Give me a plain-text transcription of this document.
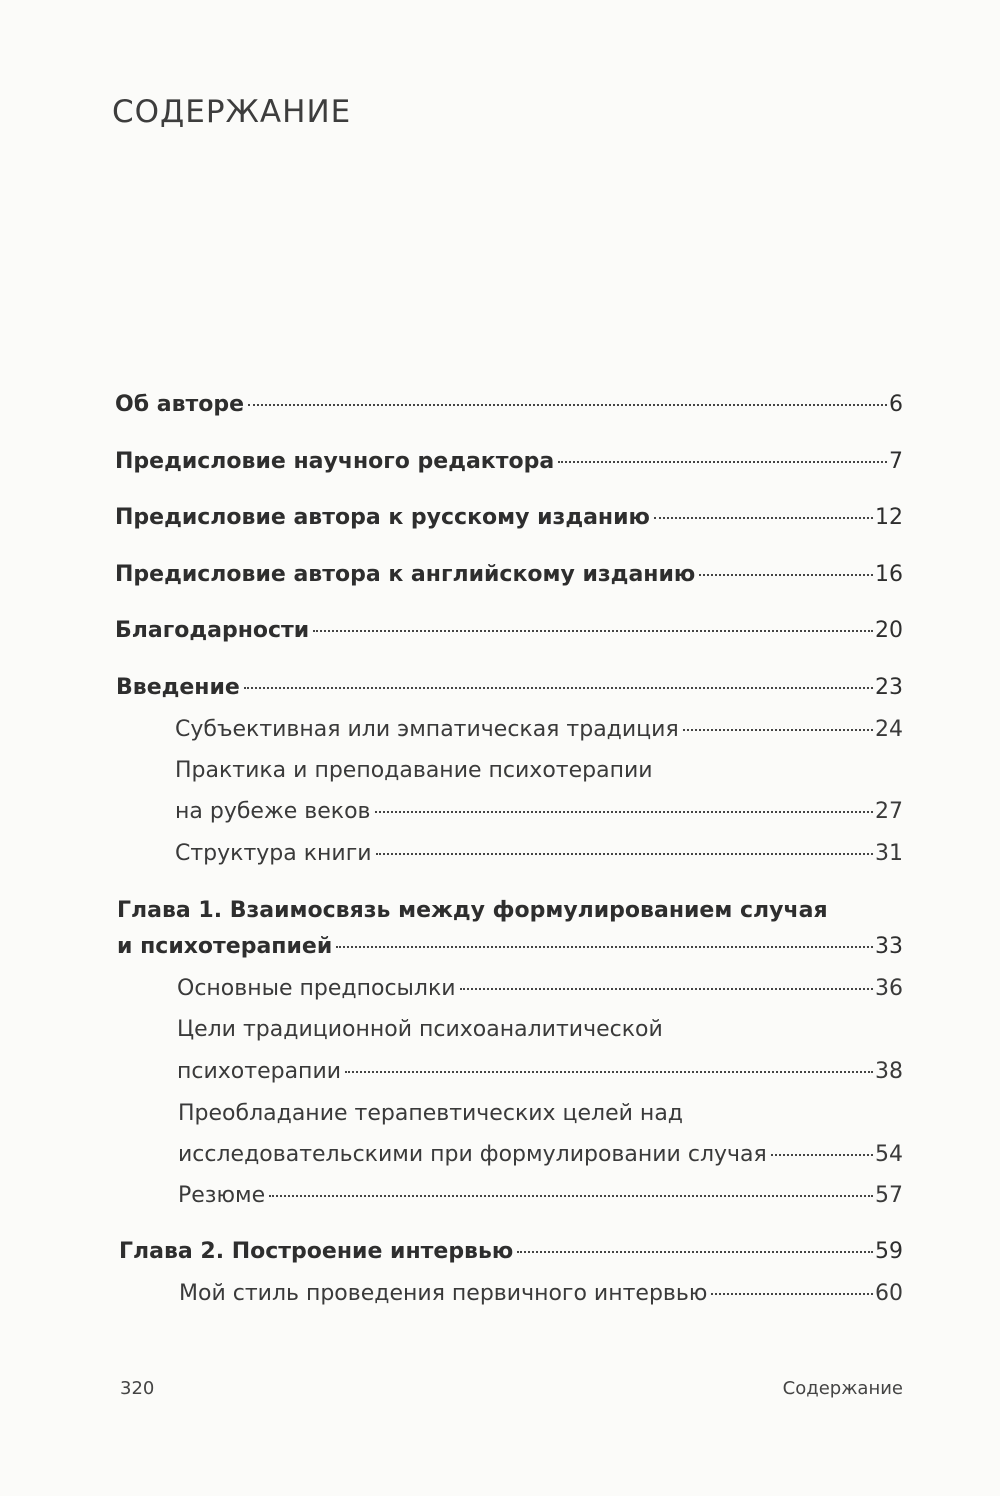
СОДЕРЖАНИЕ
Об авторе	6
Предисловие научного редактора	7
Предисловие автора к русскому изданию	12
Предисловие автора к английскому изданию	16
Благодарности	20
Введение	23
Субъективная или эмпатическая традиция	24
Практика и преподавание психотерапии
на рубеже веков	27
Структура книги	31
Глава 1. Взаимосвязь между формулированием случая
и психотерапией	33
Основные предпосылки	36
Цели традиционной психоаналитической
психотерапии	38
Преобладание терапевтических целей над
исследовательскими при формулировании случая	54
Резюме	57
Глава 2. Построение интервью	59
Мой стиль проведения первичного интервью	60
320	Содержание
